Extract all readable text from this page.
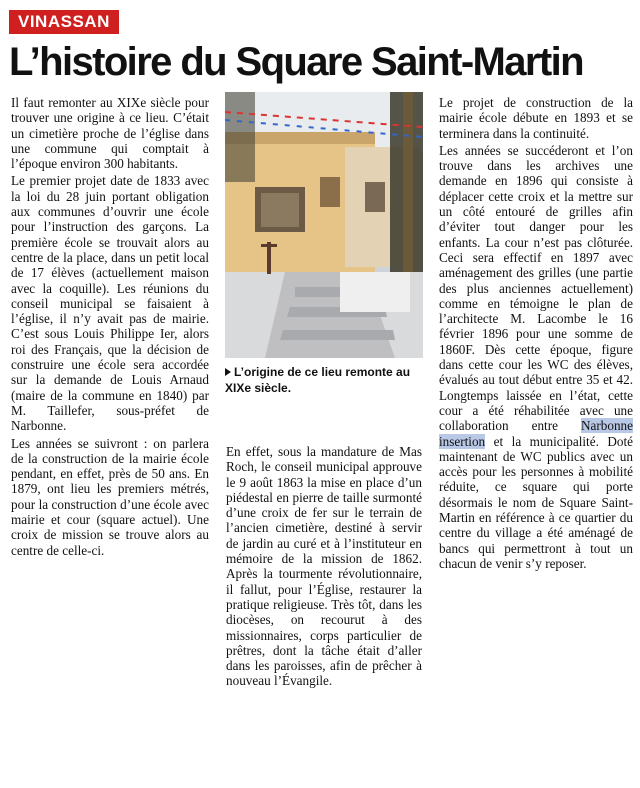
VINASSAN
L’histoire du Square Saint-Martin

Il faut remonter au XIXe siècle pour trouver une origine à ce lieu. C’était un cimetière proche de l’église dans une commune qui comptait à l’époque environ 300 habitants.

Le premier projet date de 1833 avec la loi du 28 juin portant obligation aux communes d’ouvrir une école pour l’instruction des garçons. La première école se trouvait alors au centre de la place, dans un petit local de 17 élèves (actuellement maison avec la coquille). Les réunions du conseil municipal se faisaient à l’église, il n’y avait pas de mairie. C’est sous Louis Philippe Ier, alors roi des Français, que la décision de construire une école sera accordée sur la demande de Louis Arnaud (maire de la commune en 1840) par M. Taillefer, sous-préfet de Narbonne.

Les années se suivront : on parlera de la construction de la mairie école pendant, en effet, près de 50 ans. En 1879, ont lieu les premiers métrés, pour la construction d’une école avec mairie et cour (square actuel). Une croix de mission se trouve alors au centre de celle-ci.

L’origine de ce lieu remonte au XIXe siècle.

En effet, sous la mandature de Mas Roch, le conseil municipal approuve le 9 août 1863 la mise en place d’un piédestal en pierre de taille surmonté d’une croix de fer sur le terrain de l’ancien cimetière, destiné à servir de jardin au curé et à l’instituteur en mémoire de la mission de 1862. Après la tourmente révolutionnaire, il fallut, pour l’Église, restaurer la pratique religieuse. Très tôt, dans les diocèses, on recourut à des missionnaires, corps particulier de prêtres, dont la tâche était d’aller dans les paroisses, afin de prêcher à nouveau l’Évangile.

Le projet de construction de la mairie école débute en 1893 et se terminera dans la continuité.

Les années se succéderont et l’on trouve dans les archives une demande en 1896 qui consiste à déplacer cette croix et la mettre sur un côté entouré de grilles afin d’éviter tout danger pour les enfants. La cour n’est pas clôturée. Ceci sera effectif en 1897 avec aménagement des grilles (une partie des plus anciennes actuellement) comme en témoigne le plan de l’architecte M. Lacombe le 16 février 1896 pour une somme de 1860F. Dès cette époque, figure dans cette cour les WC des élèves, évalués au tout début entre 35 et 42. Longtemps laissée en l’état, cette cour a été réhabilitée avec une collaboration entre Narbonne insertion et la municipalité. Doté maintenant de WC publics avec un accès pour les personnes à mobilité réduite, ce square qui porte désormais le nom de Square Saint-Martin en référence à ce quartier du centre du village a été aménagé de bancs qui permettront à tout un chacun de venir s’y reposer.
